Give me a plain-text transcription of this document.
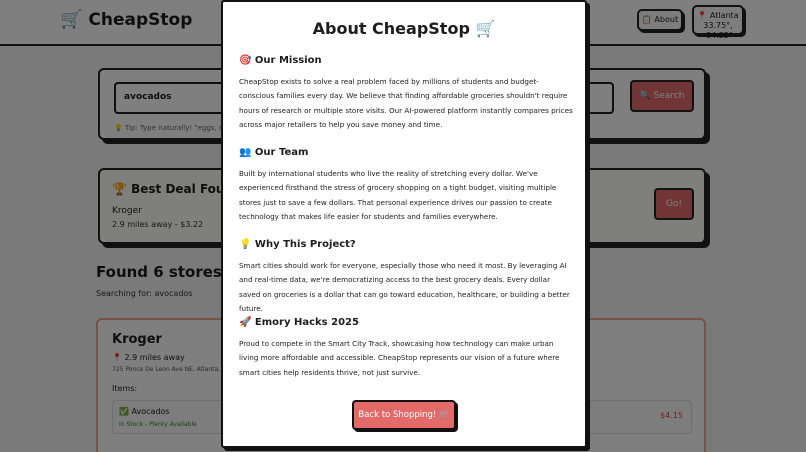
About CheapStop 🛒
🎯 Our Mission
CheapStop exists to solve a real problem faced by millions of students and budget-conscious families every day. We believe that finding affordable groceries shouldn't require hours of research or multiple store visits. Our AI-powered platform instantly compares prices across major retailers to help you save money and time.
👥 Our Team
Built by international students who live the reality of stretching every dollar. We've experienced firsthand the stress of grocery shopping on a tight budget, visiting multiple stores just to save a few dollars. That personal experience drives our passion to create technology that makes life easier for students and families everywhere.
💡 Why This Project?
Smart cities should work for everyone, especially those who need it most. By leveraging AI and real-time data, we're democratizing access to the best grocery deals. Every dollar saved on groceries is a dollar that can go toward education, healthcare, or building a better future.
🚀 Emory Hacks 2025
Proud to compete in the Smart City Track, showcasing how technology can make urban living more affordable and accessible. CheapStop represents our vision of a future where smart cities help residents thrive, not just survive.
Back to Shopping! 🛒
